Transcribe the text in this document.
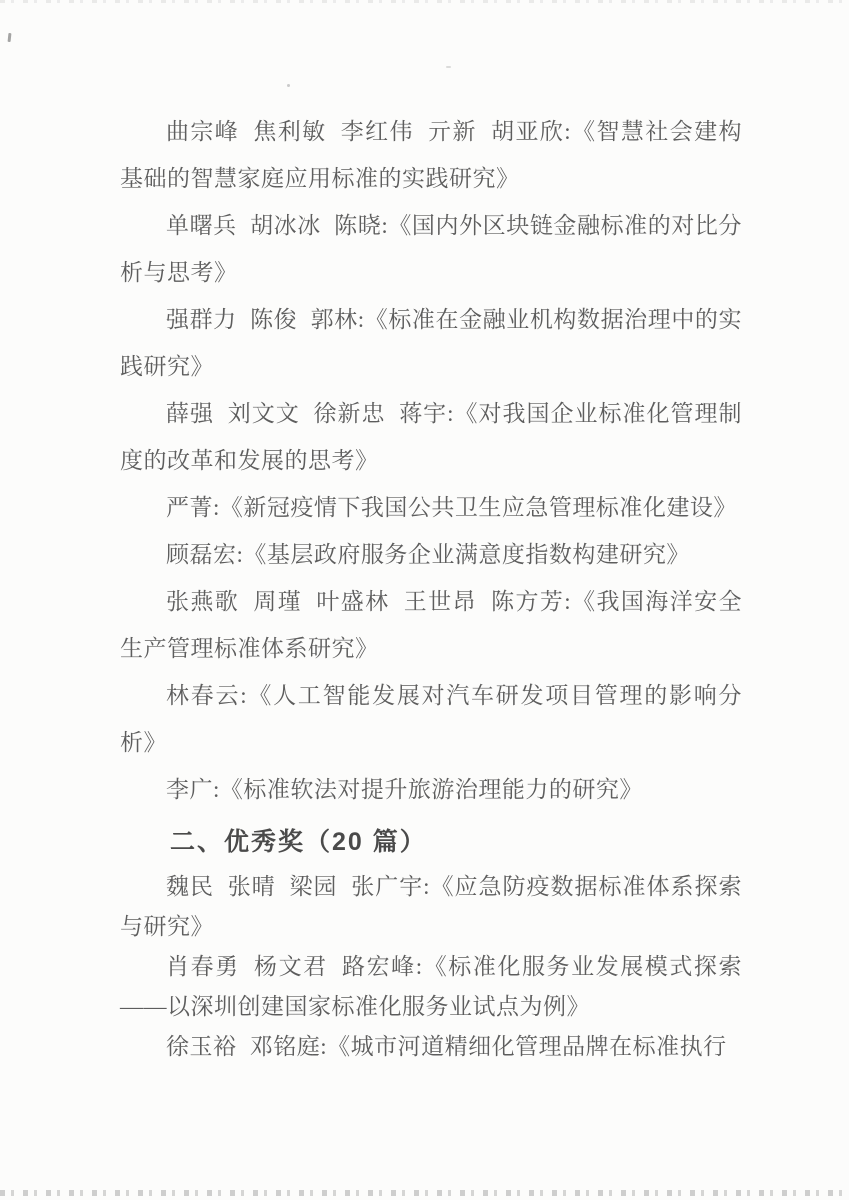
曲宗峰 焦利敏 李红伟 亓新 胡亚欣:《智慧社会建构基础的智慧家庭应用标准的实践研究》

单曙兵 胡冰冰 陈晓:《国内外区块链金融标准的对比分析与思考》

强群力 陈俊 郭林:《标准在金融业机构数据治理中的实践研究》

薛强 刘文文 徐新忠 蒋宇:《对我国企业标准化管理制度的改革和发展的思考》

严菁:《新冠疫情下我国公共卫生应急管理标准化建设》

顾磊宏:《基层政府服务企业满意度指数构建研究》

张燕歌 周瑾 叶盛林 王世昂 陈方芳:《我国海洋安全生产管理标准体系研究》

林春云:《人工智能发展对汽车研发项目管理的影响分析》

李广:《标准软法对提升旅游治理能力的研究》

二、优秀奖（20 篇）

魏民 张晴 梁园 张广宇:《应急防疫数据标准体系探索与研究》

肖春勇 杨文君 路宏峰:《标准化服务业发展模式探索——以深圳创建国家标准化服务业试点为例》

徐玉裕 邓铭庭:《城市河道精细化管理品牌在标准执行
